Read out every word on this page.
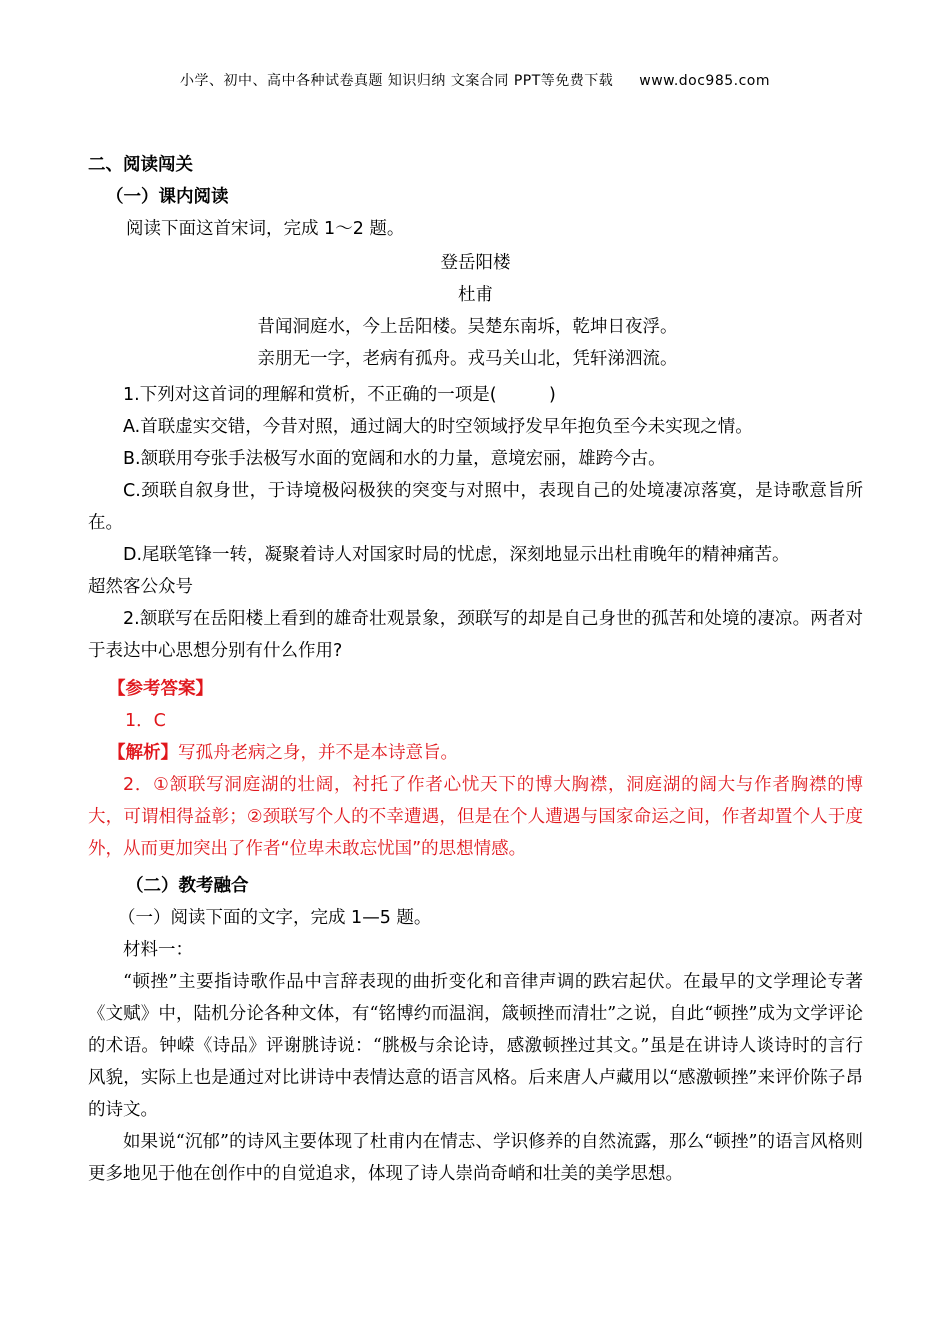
小学、初中、高中各种试卷真题 知识归纳 文案合同 PPT等免费下载 www.doc985.com

二、阅读闯关

（一）课内阅读

阅读下面这首宋词，完成 1～2 题。

登岳阳楼

杜甫

昔闻洞庭水，今上岳阳楼。吴楚东南坼，乾坤日夜浮。

亲朋无一字，老病有孤舟。戎马关山北，凭轩涕泗流。

1.下列对这首词的理解和赏析，不正确的一项是(　　　)

A.首联虚实交错，今昔对照，通过阔大的时空领域抒发早年抱负至今未实现之情。

B.颔联用夸张手法极写水面的宽阔和水的力量，意境宏丽，雄跨今古。

C.颈联自叙身世，于诗境极闷极狭的突变与对照中，表现自己的处境凄凉落寞，是诗歌意旨所在。

D.尾联笔锋一转，凝聚着诗人对国家时局的忧虑，深刻地显示出杜甫晚年的精神痛苦。

超然客公众号

2.颔联写在岳阳楼上看到的雄奇壮观景象，颈联写的却是自己身世的孤苦和处境的凄凉。两者对于表达中心思想分别有什么作用?

【参考答案】

1．C

【解析】写孤舟老病之身，并不是本诗意旨。

2．①颔联写洞庭湖的壮阔，衬托了作者心忧天下的博大胸襟，洞庭湖的阔大与作者胸襟的博大，可谓相得益彰；②颈联写个人的不幸遭遇，但是在个人遭遇与国家命运之间，作者却置个人于度外，从而更加突出了作者“位卑未敢忘忧国”的思想情感。

（二）教考融合

（一）阅读下面的文字，完成 1—5 题。

材料一：

“顿挫”主要指诗歌作品中言辞表现的曲折变化和音律声调的跌宕起伏。在最早的文学理论专著《文赋》中，陆机分论各种文体，有“铭博约而温润，箴顿挫而清壮”之说，自此“顿挫”成为文学评论的术语。钟嵘《诗品》评谢朓诗说：“朓极与余论诗，感激顿挫过其文。”虽是在讲诗人谈诗时的言行风貌，实际上也是通过对比讲诗中表情达意的语言风格。后来唐人卢藏用以“感激顿挫”来评价陈子昂的诗文。

如果说“沉郁”的诗风主要体现了杜甫内在情志、学识修养的自然流露，那么“顿挫”的语言风格则更多地见于他在创作中的自觉追求，体现了诗人崇尚奇峭和壮美的美学思想。
